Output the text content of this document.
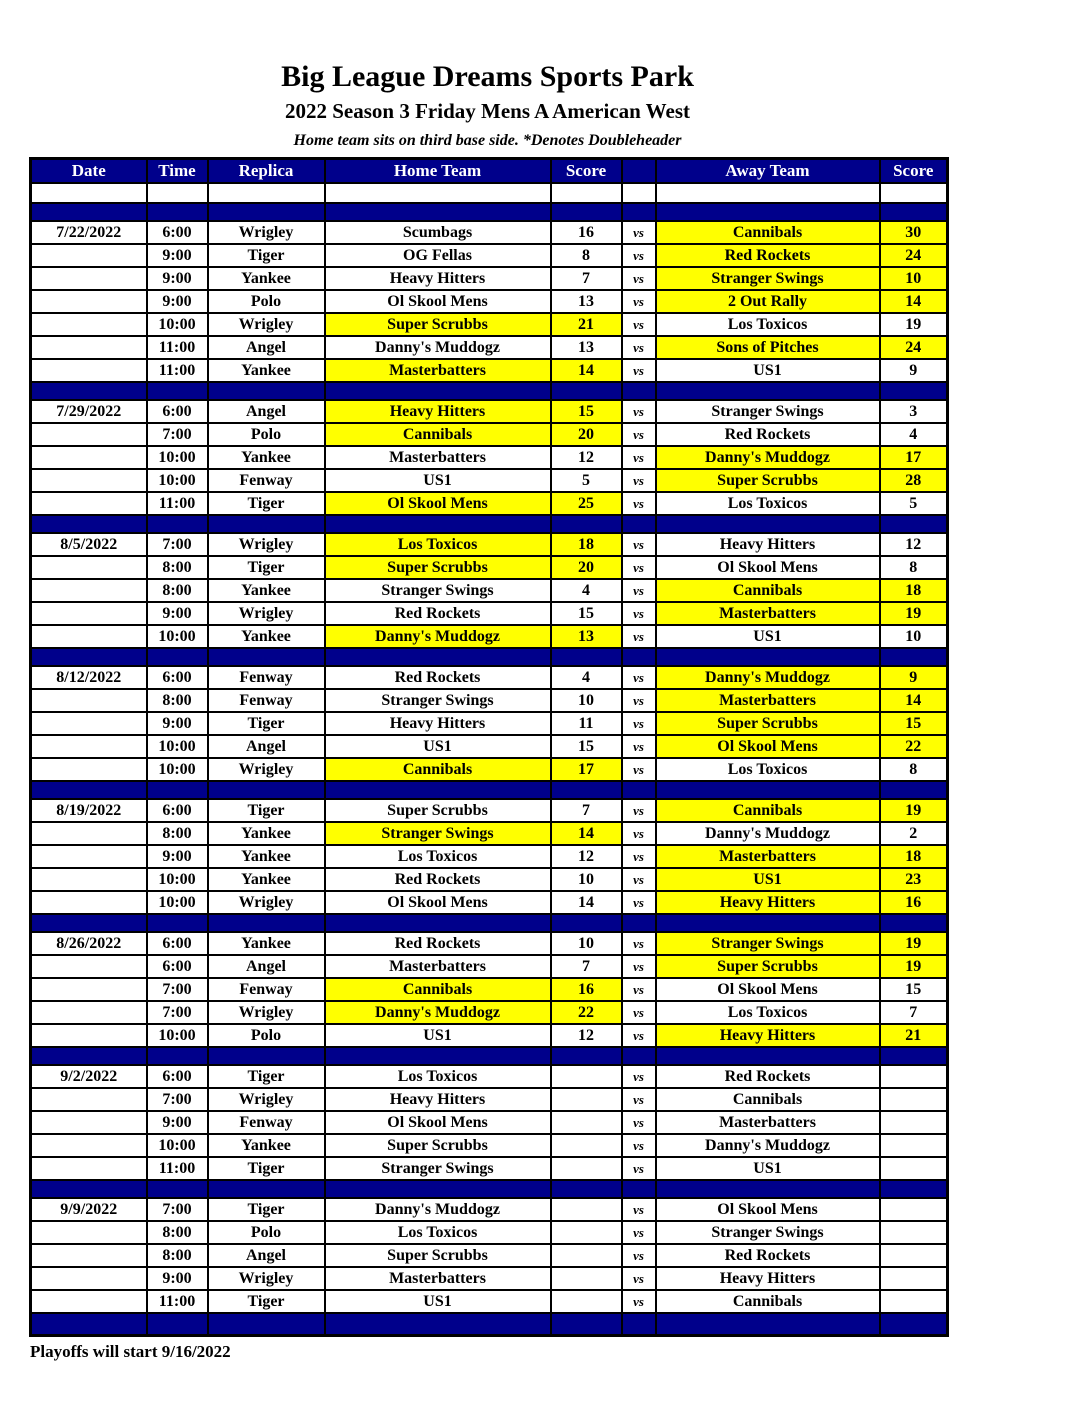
Big League Dreams Sports Park
2022 Season 3 Friday Mens A American West
Home team sits on third base side. *Denotes Doubleheader
Date	Time	Replica	Home Team	Score		Away Team	Score

7/22/2022	6:00	Wrigley	Scumbags	16	vs	Cannibals	30
	9:00	Tiger	OG Fellas	8	vs	Red Rockets	24
	9:00	Yankee	Heavy Hitters	7	vs	Stranger Swings	10
	9:00	Polo	Ol Skool Mens	13	vs	2 Out Rally	14
	10:00	Wrigley	Super Scrubbs	21	vs	Los Toxicos	19
	11:00	Angel	Danny's Muddogz	13	vs	Sons of Pitches	24
	11:00	Yankee	Masterbatters	14	vs	US1	9

7/29/2022	6:00	Angel	Heavy Hitters	15	vs	Stranger Swings	3
	7:00	Polo	Cannibals	20	vs	Red Rockets	4
	10:00	Yankee	Masterbatters	12	vs	Danny's Muddogz	17
	10:00	Fenway	US1	5	vs	Super Scrubbs	28
	11:00	Tiger	Ol Skool Mens	25	vs	Los Toxicos	5

8/5/2022	7:00	Wrigley	Los Toxicos	18	vs	Heavy Hitters	12
	8:00	Tiger	Super Scrubbs	20	vs	Ol Skool Mens	8
	8:00	Yankee	Stranger Swings	4	vs	Cannibals	18
	9:00	Wrigley	Red Rockets	15	vs	Masterbatters	19
	10:00	Yankee	Danny's Muddogz	13	vs	US1	10

8/12/2022	6:00	Fenway	Red Rockets	4	vs	Danny's Muddogz	9
	8:00	Fenway	Stranger Swings	10	vs	Masterbatters	14
	9:00	Tiger	Heavy Hitters	11	vs	Super Scrubbs	15
	10:00	Angel	US1	15	vs	Ol Skool Mens	22
	10:00	Wrigley	Cannibals	17	vs	Los Toxicos	8

8/19/2022	6:00	Tiger	Super Scrubbs	7	vs	Cannibals	19
	8:00	Yankee	Stranger Swings	14	vs	Danny's Muddogz	2
	9:00	Yankee	Los Toxicos	12	vs	Masterbatters	18
	10:00	Yankee	Red Rockets	10	vs	US1	23
	10:00	Wrigley	Ol Skool Mens	14	vs	Heavy Hitters	16

8/26/2022	6:00	Yankee	Red Rockets	10	vs	Stranger Swings	19
	6:00	Angel	Masterbatters	7	vs	Super Scrubbs	19
	7:00	Fenway	Cannibals	16	vs	Ol Skool Mens	15
	7:00	Wrigley	Danny's Muddogz	22	vs	Los Toxicos	7
	10:00	Polo	US1	12	vs	Heavy Hitters	21

9/2/2022	6:00	Tiger	Los Toxicos		vs	Red Rockets	
	7:00	Wrigley	Heavy Hitters		vs	Cannibals	
	9:00	Fenway	Ol Skool Mens		vs	Masterbatters	
	10:00	Yankee	Super Scrubbs		vs	Danny's Muddogz	
	11:00	Tiger	Stranger Swings		vs	US1	

9/9/2022	7:00	Tiger	Danny's Muddogz		vs	Ol Skool Mens	
	8:00	Polo	Los Toxicos		vs	Stranger Swings	
	8:00	Angel	Super Scrubbs		vs	Red Rockets	
	9:00	Wrigley	Masterbatters		vs	Heavy Hitters	
	11:00	Tiger	US1		vs	Cannibals	

Playoffs will start 9/16/2022
